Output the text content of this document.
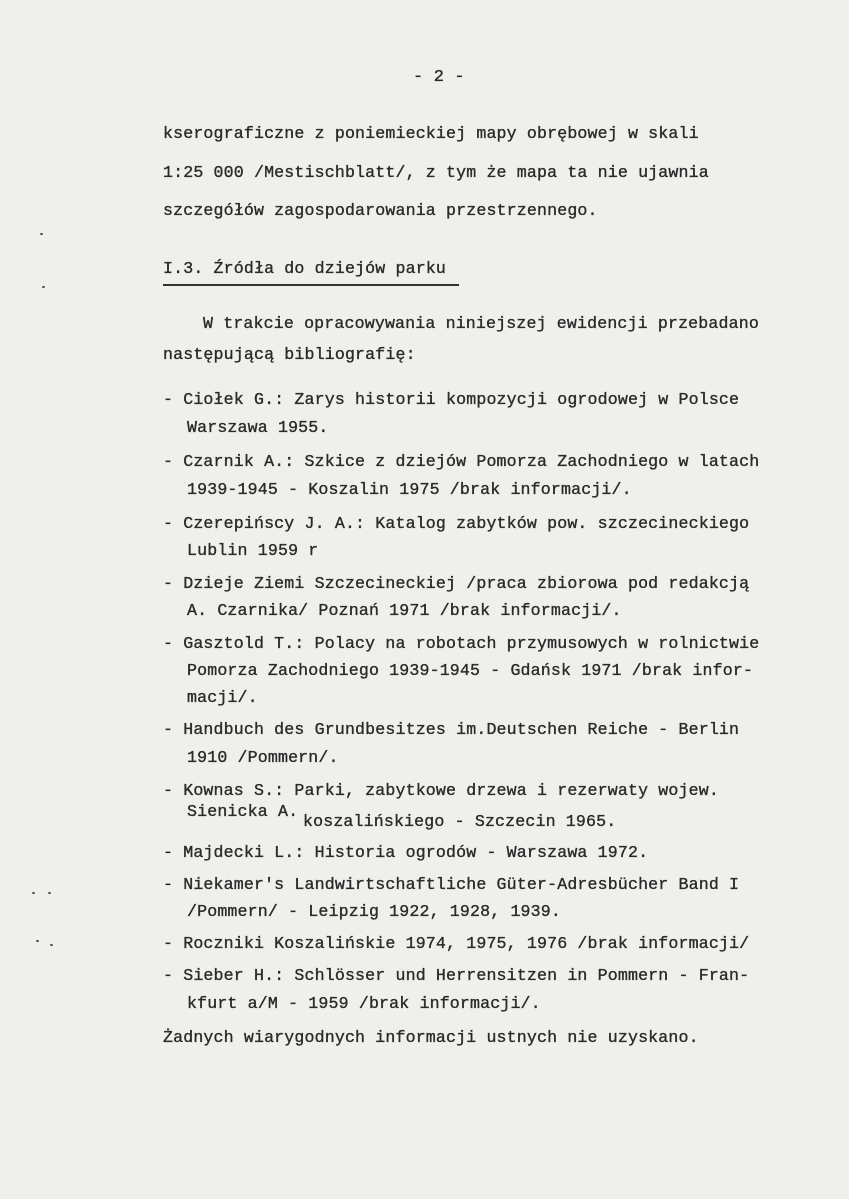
- 2 -
kserograficzne z poniemieckiej mapy obrębowej w skali
1:25 000 /Mestischblatt/, z tym że mapa ta nie ujawnia
szczegółów zagospodarowania przestrzennego.
I.3. Źródła do dziejów parku
W trakcie opracowywania niniejszej ewidencji przebadano
następującą bibliografię:
- Ciołek G.: Zarys historii kompozycji ogrodowej w Polsce
Warszawa 1955.
- Czarnik A.: Szkice z dziejów Pomorza Zachodniego w latach
1939-1945 - Koszalin 1975 /brak informacji/.
- Czerepińscy J. A.: Katalog zabytków pow. szczecineckiego
Lublin 1959 r
- Dzieje Ziemi Szczecineckiej /praca zbiorowa pod redakcją
A. Czarnika/ Poznań 1971 /brak informacji/.
- Gasztold T.: Polacy na robotach przymusowych w rolnictwie
Pomorza Zachodniego 1939-1945 - Gdańsk 1971 /brak infor-
macji/.
- Handbuch des Grundbesitzes im.Deutschen Reiche - Berlin
1910 /Pommern/.
- Kownas S.: Parki, zabytkowe drzewa i rezerwaty wojew.
Sienicka A.
koszalińskiego - Szczecin 1965.
- Majdecki L.: Historia ogrodów - Warszawa 1972.
- Niekamer's Landwirtschaftliche Güter-Adresbücher Band I
/Pommern/ - Leipzig 1922, 1928, 1939.
- Roczniki Koszalińskie 1974, 1975, 1976 /brak informacji/
- Sieber H.: Schlösser und Herrensitzen in Pommern - Fran-
kfurt a/M - 1959 /brak informacji/.
Żadnych wiarygodnych informacji ustnych nie uzyskano.
